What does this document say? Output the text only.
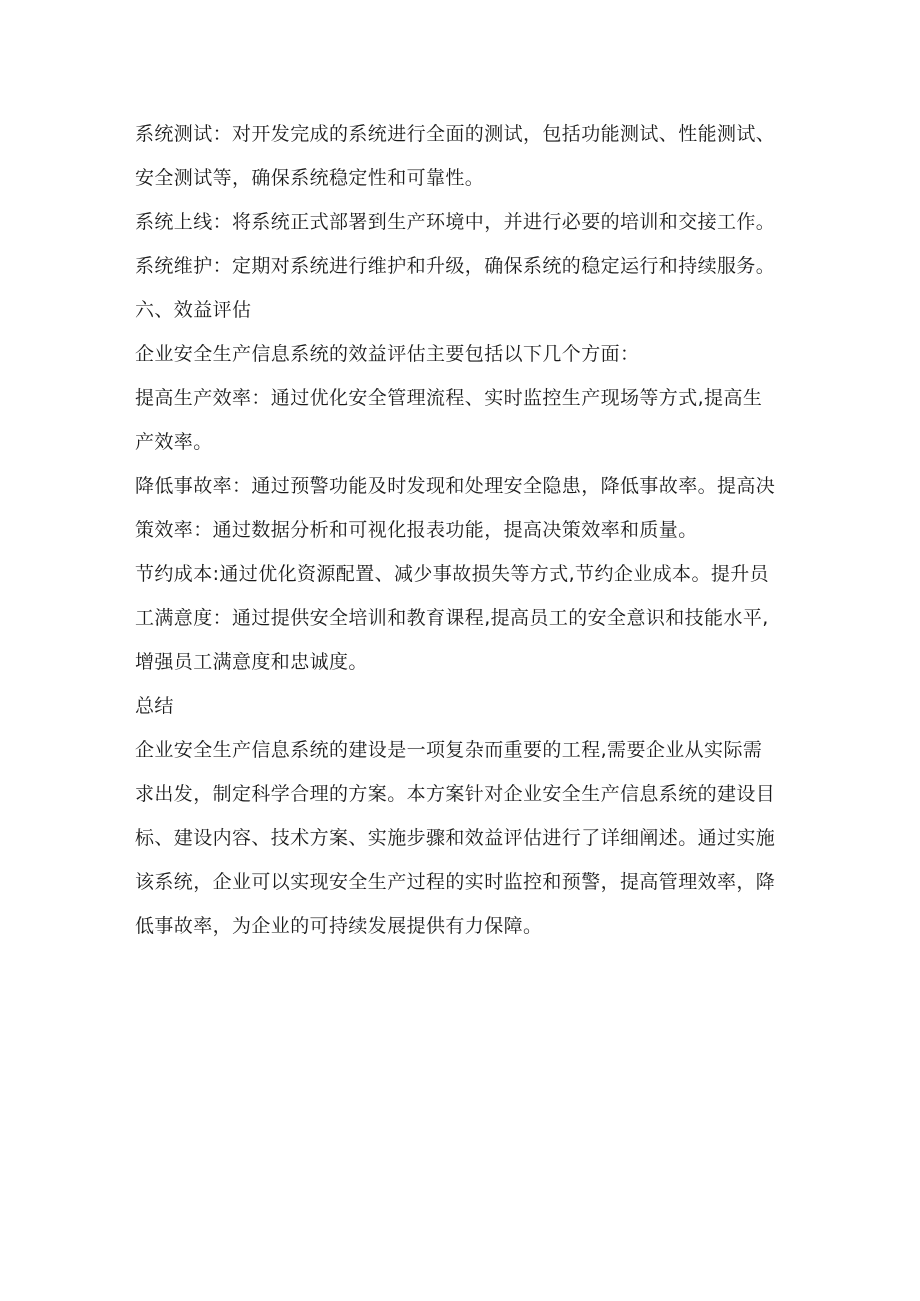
系统测试：对开发完成的系统进行全面的测试，包括功能测试、性能测试、
安全测试等，确保系统稳定性和可靠性。

系统上线：将系统正式部署到生产环境中，并进行必要的培训和交接工作。

系统维护：定期对系统进行维护和升级，确保系统的稳定运行和持续服务。

六、效益评估

企业安全生产信息系统的效益评估主要包括以下几个方面：

提高生产效率：通过优化安全管理流程、实时监控生产现场等方式,提高生
产效率。

降低事故率：通过预警功能及时发现和处理安全隐患，降低事故率。提高决
策效率：通过数据分析和可视化报表功能，提高决策效率和质量。

节约成本:通过优化资源配置、减少事故损失等方式,节约企业成本。提升员
工满意度：通过提供安全培训和教育课程,提高员工的安全意识和技能水平,
增强员工满意度和忠诚度。

总结

企业安全生产信息系统的建设是一项复杂而重要的工程,需要企业从实际需
求出发，制定科学合理的方案。本方案针对企业安全生产信息系统的建设目
标、建设内容、技术方案、实施步骤和效益评估进行了详细阐述。通过实施
该系统，企业可以实现安全生产过程的实时监控和预警，提高管理效率，降
低事故率，为企业的可持续发展提供有力保障。
